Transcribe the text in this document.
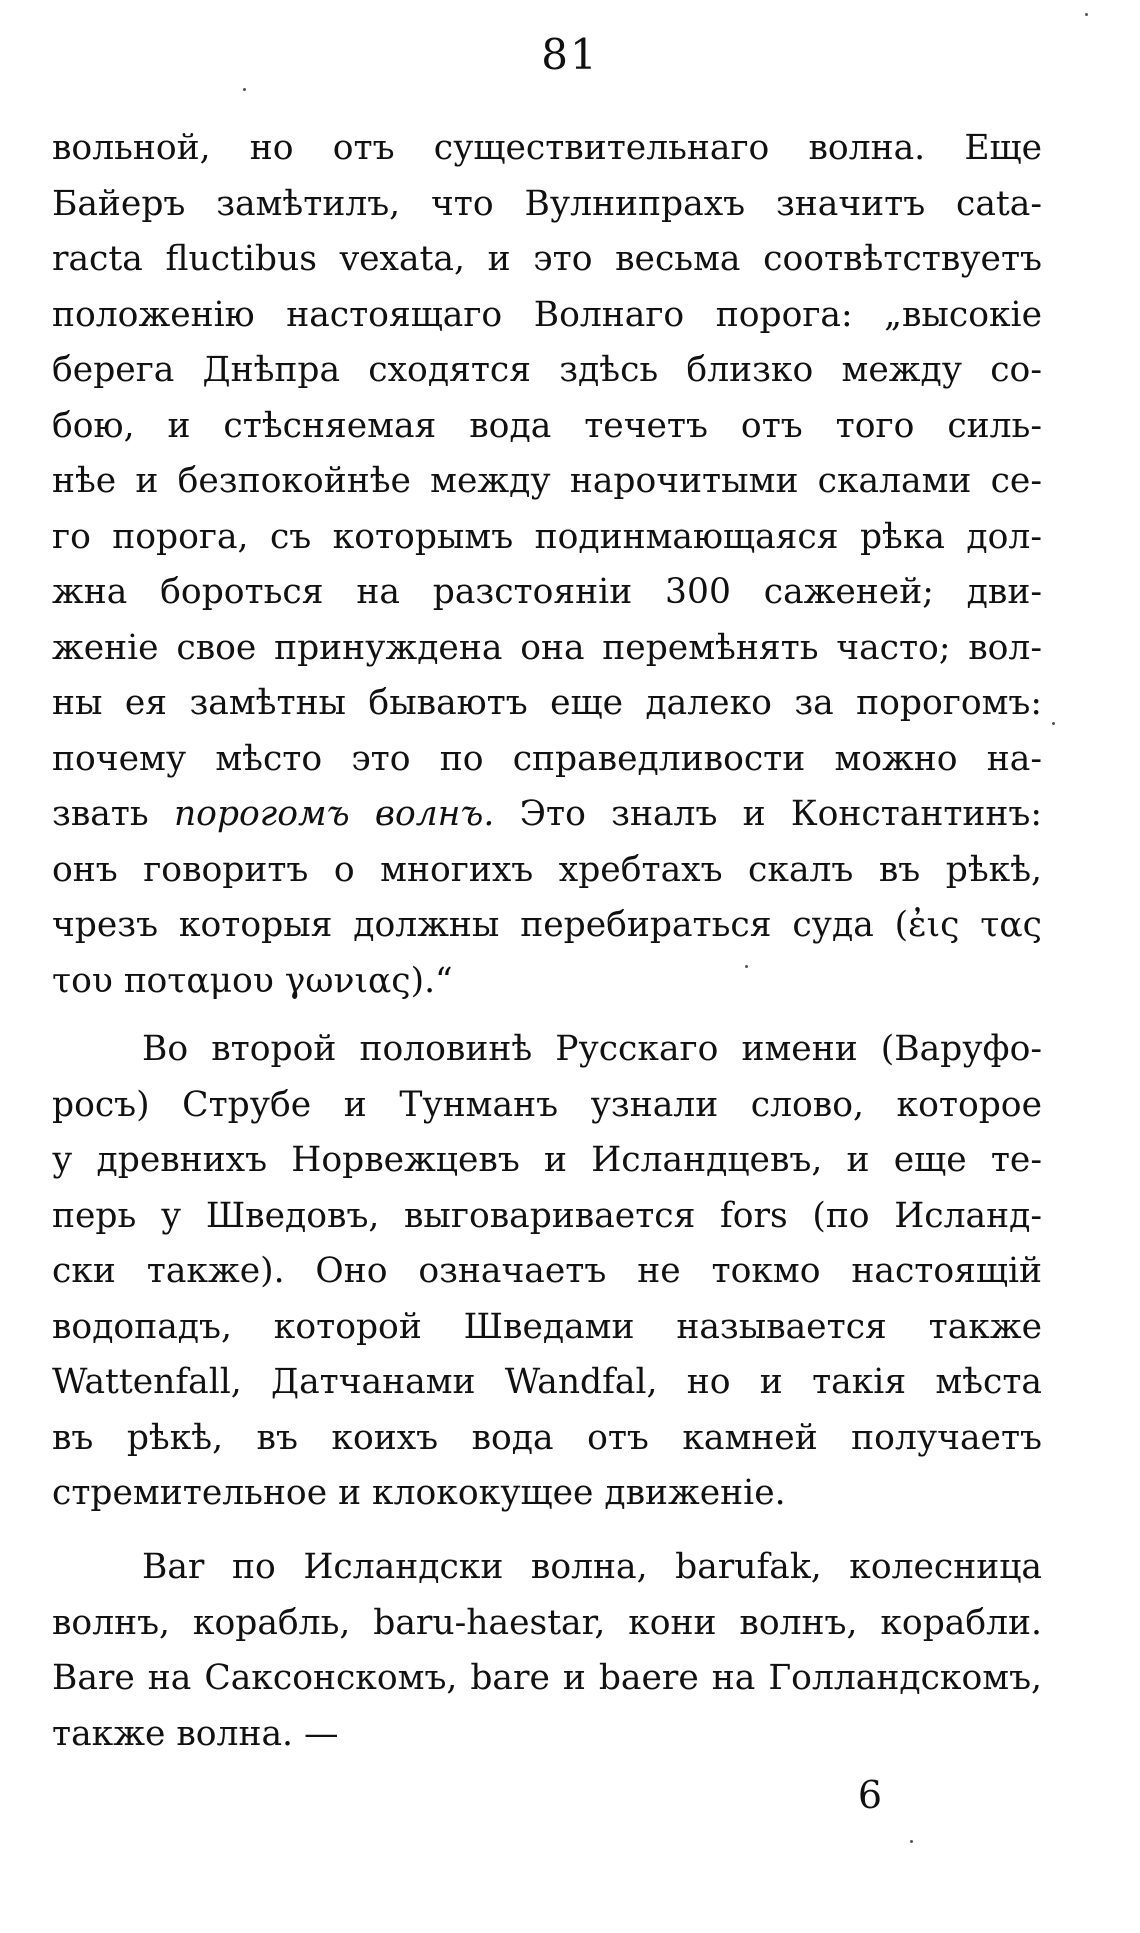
81
вольной, но отъ существительнаго волна. Еще
Байеръ замѣтилъ, что Вулнипрахъ значитъ cata-
racta fluctibus vexata, и это весьма соотвѣтствуетъ
положенію настоящаго Волнаго порога: „высокіе
берега Днѣпра сходятся здѣсь близко между со-
бою, и стѣсняемая вода течетъ отъ того силь-
нѣе и безпокойнѣе между нарочитыми скалами се-
го порога, съ которымъ подинмающаяся рѣка дол-
жна бороться на разстояніи 300 саженей; дви-
женіе свое принуждена она перемѣнять часто; вол-
ны ея замѣтны бываютъ еще далеко за порогомъ:
почему мѣсто это по справедливости можно на-
звать порогомъ волнъ. Это зналъ и Константинъ:
онъ говоритъ о многихъ хребтахъ скалъ въ рѣкѣ,
чрезъ которыя должны перебираться суда (ἐις τας
του ποταμου γωνιας).“
Во второй половинѣ Русскаго имени (Варуфо-
росъ) Струбе и Тунманъ узнали слово, которое
у древнихъ Норвежцевъ и Исландцевъ, и еще те-
перь у Шведовъ, выговаривается fors (по Исланд-
ски также). Оно означаетъ не токмо настоящій
водопадъ, которой Шведами называется также
Wattenfall, Датчанами Wandfal, но и такія мѣста
въ рѣкѣ, въ коихъ вода отъ камней получаетъ
стремительное и клококущее движеніе.
Bar по Исландски волна, barufak, колесница
волнъ, корабль, baru-haestar, кони волнъ, корабли.
Bare на Саксонскомъ, bare и baere на Голландскомъ,
также волна. —
6
